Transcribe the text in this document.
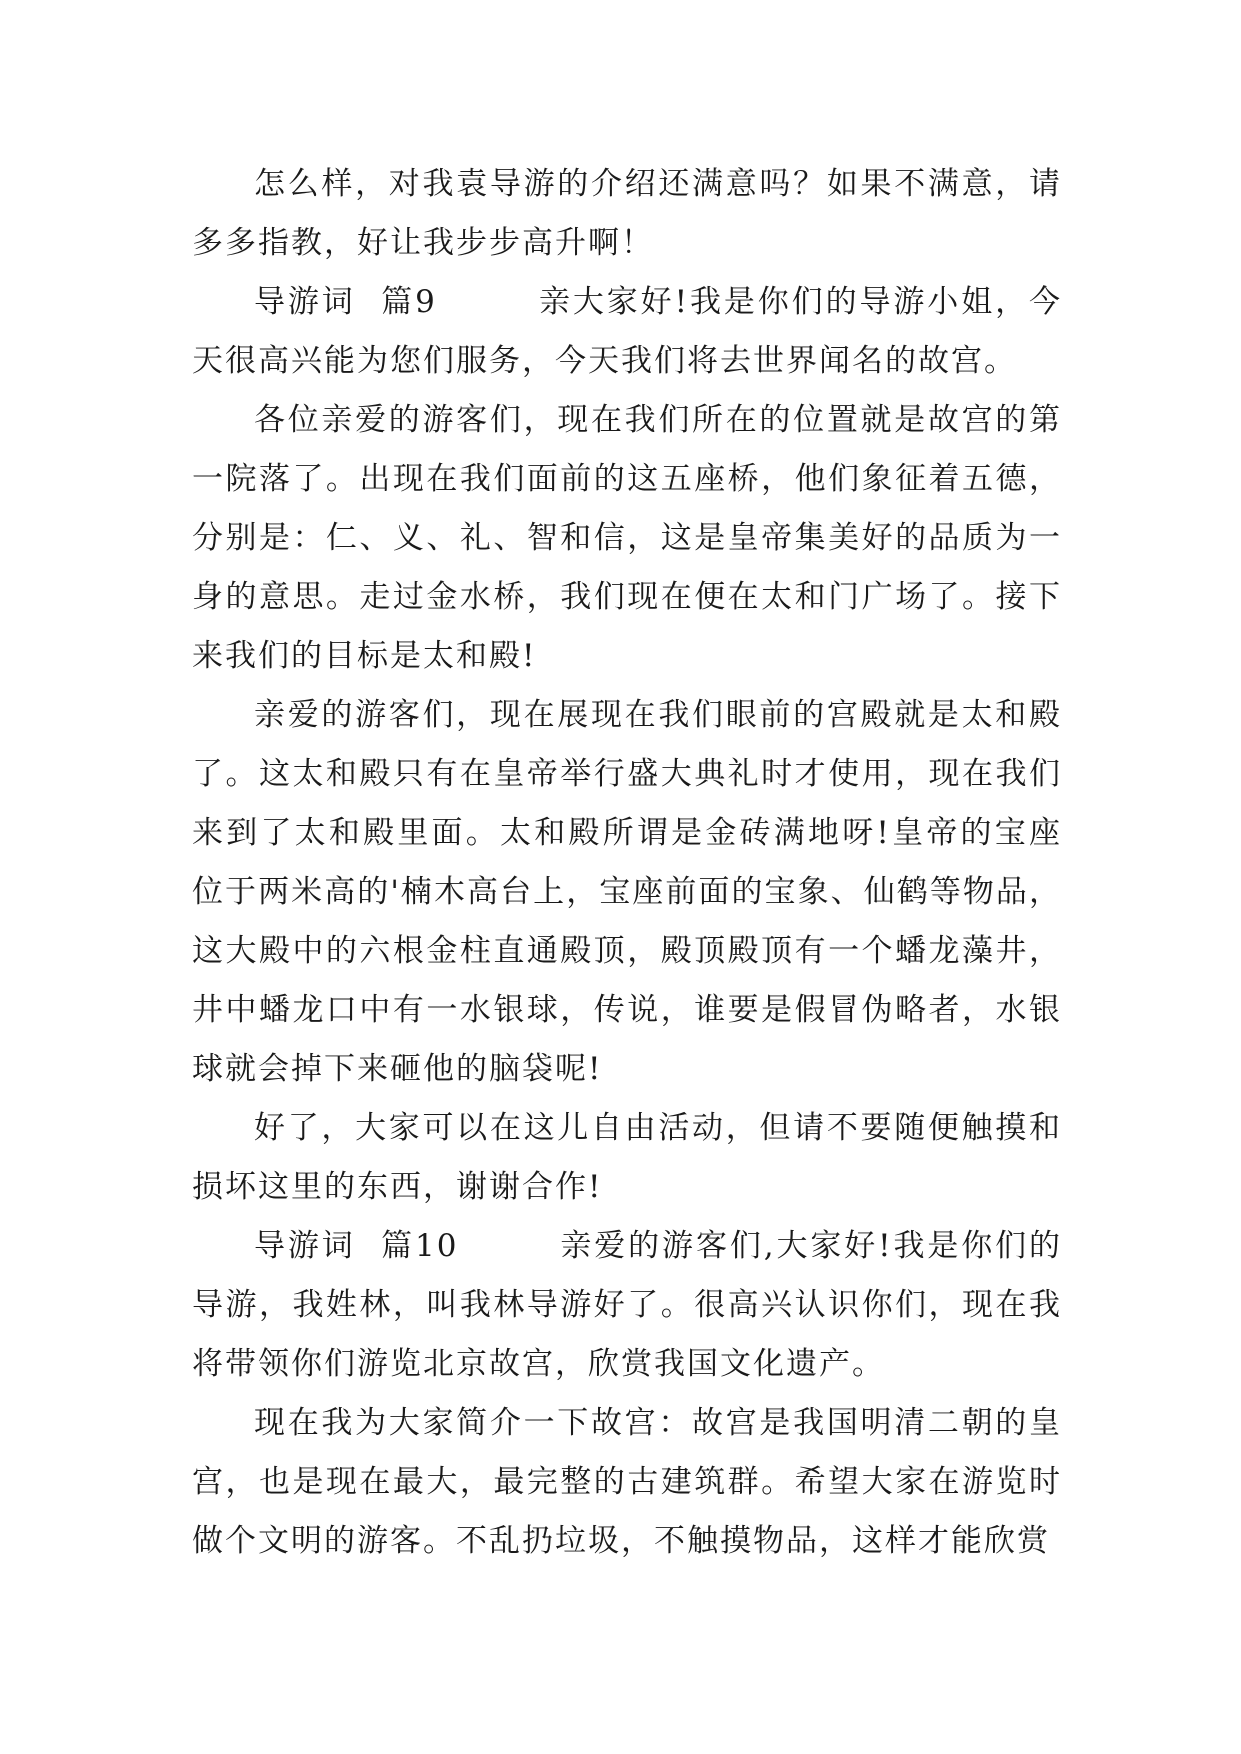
怎么样，对我袁导游的介绍还满意吗？如果不满意，请多多指教，好让我步步高升啊！

导游词  篇9        亲大家好!我是你们的导游小姐，今天很高兴能为您们服务，今天我们将去世界闻名的故宫。

各位亲爱的游客们，现在我们所在的位置就是故宫的第一院落了。出现在我们面前的这五座桥，他们象征着五德，分别是：仁、义、礼、智和信，这是皇帝集美好的品质为一身的意思。走过金水桥，我们现在便在太和门广场了。接下来我们的目标是太和殿!

亲爱的游客们，现在展现在我们眼前的宫殿就是太和殿了。这太和殿只有在皇帝举行盛大典礼时才使用，现在我们来到了太和殿里面。太和殿所谓是金砖满地呀!皇帝的宝座位于两米高的'楠木高台上，宝座前面的宝象、仙鹤等物品，这大殿中的六根金柱直通殿顶，殿顶殿顶有一个蟠龙藻井，井中蟠龙口中有一水银球，传说，谁要是假冒伪略者，水银球就会掉下来砸他的脑袋呢!

好了，大家可以在这儿自由活动，但请不要随便触摸和损坏这里的东西，谢谢合作!

导游词  篇10        亲爱的游客们,大家好!我是你们的导游，我姓林，叫我林导游好了。很高兴认识你们，现在我将带领你们游览北京故宫，欣赏我国文化遗产。

现在我为大家简介一下故宫：故宫是我国明清二朝的皇宫，也是现在最大，最完整的古建筑群。希望大家在游览时做个文明的游客。不乱扔垃圾，不触摸物品，这样才能欣赏
